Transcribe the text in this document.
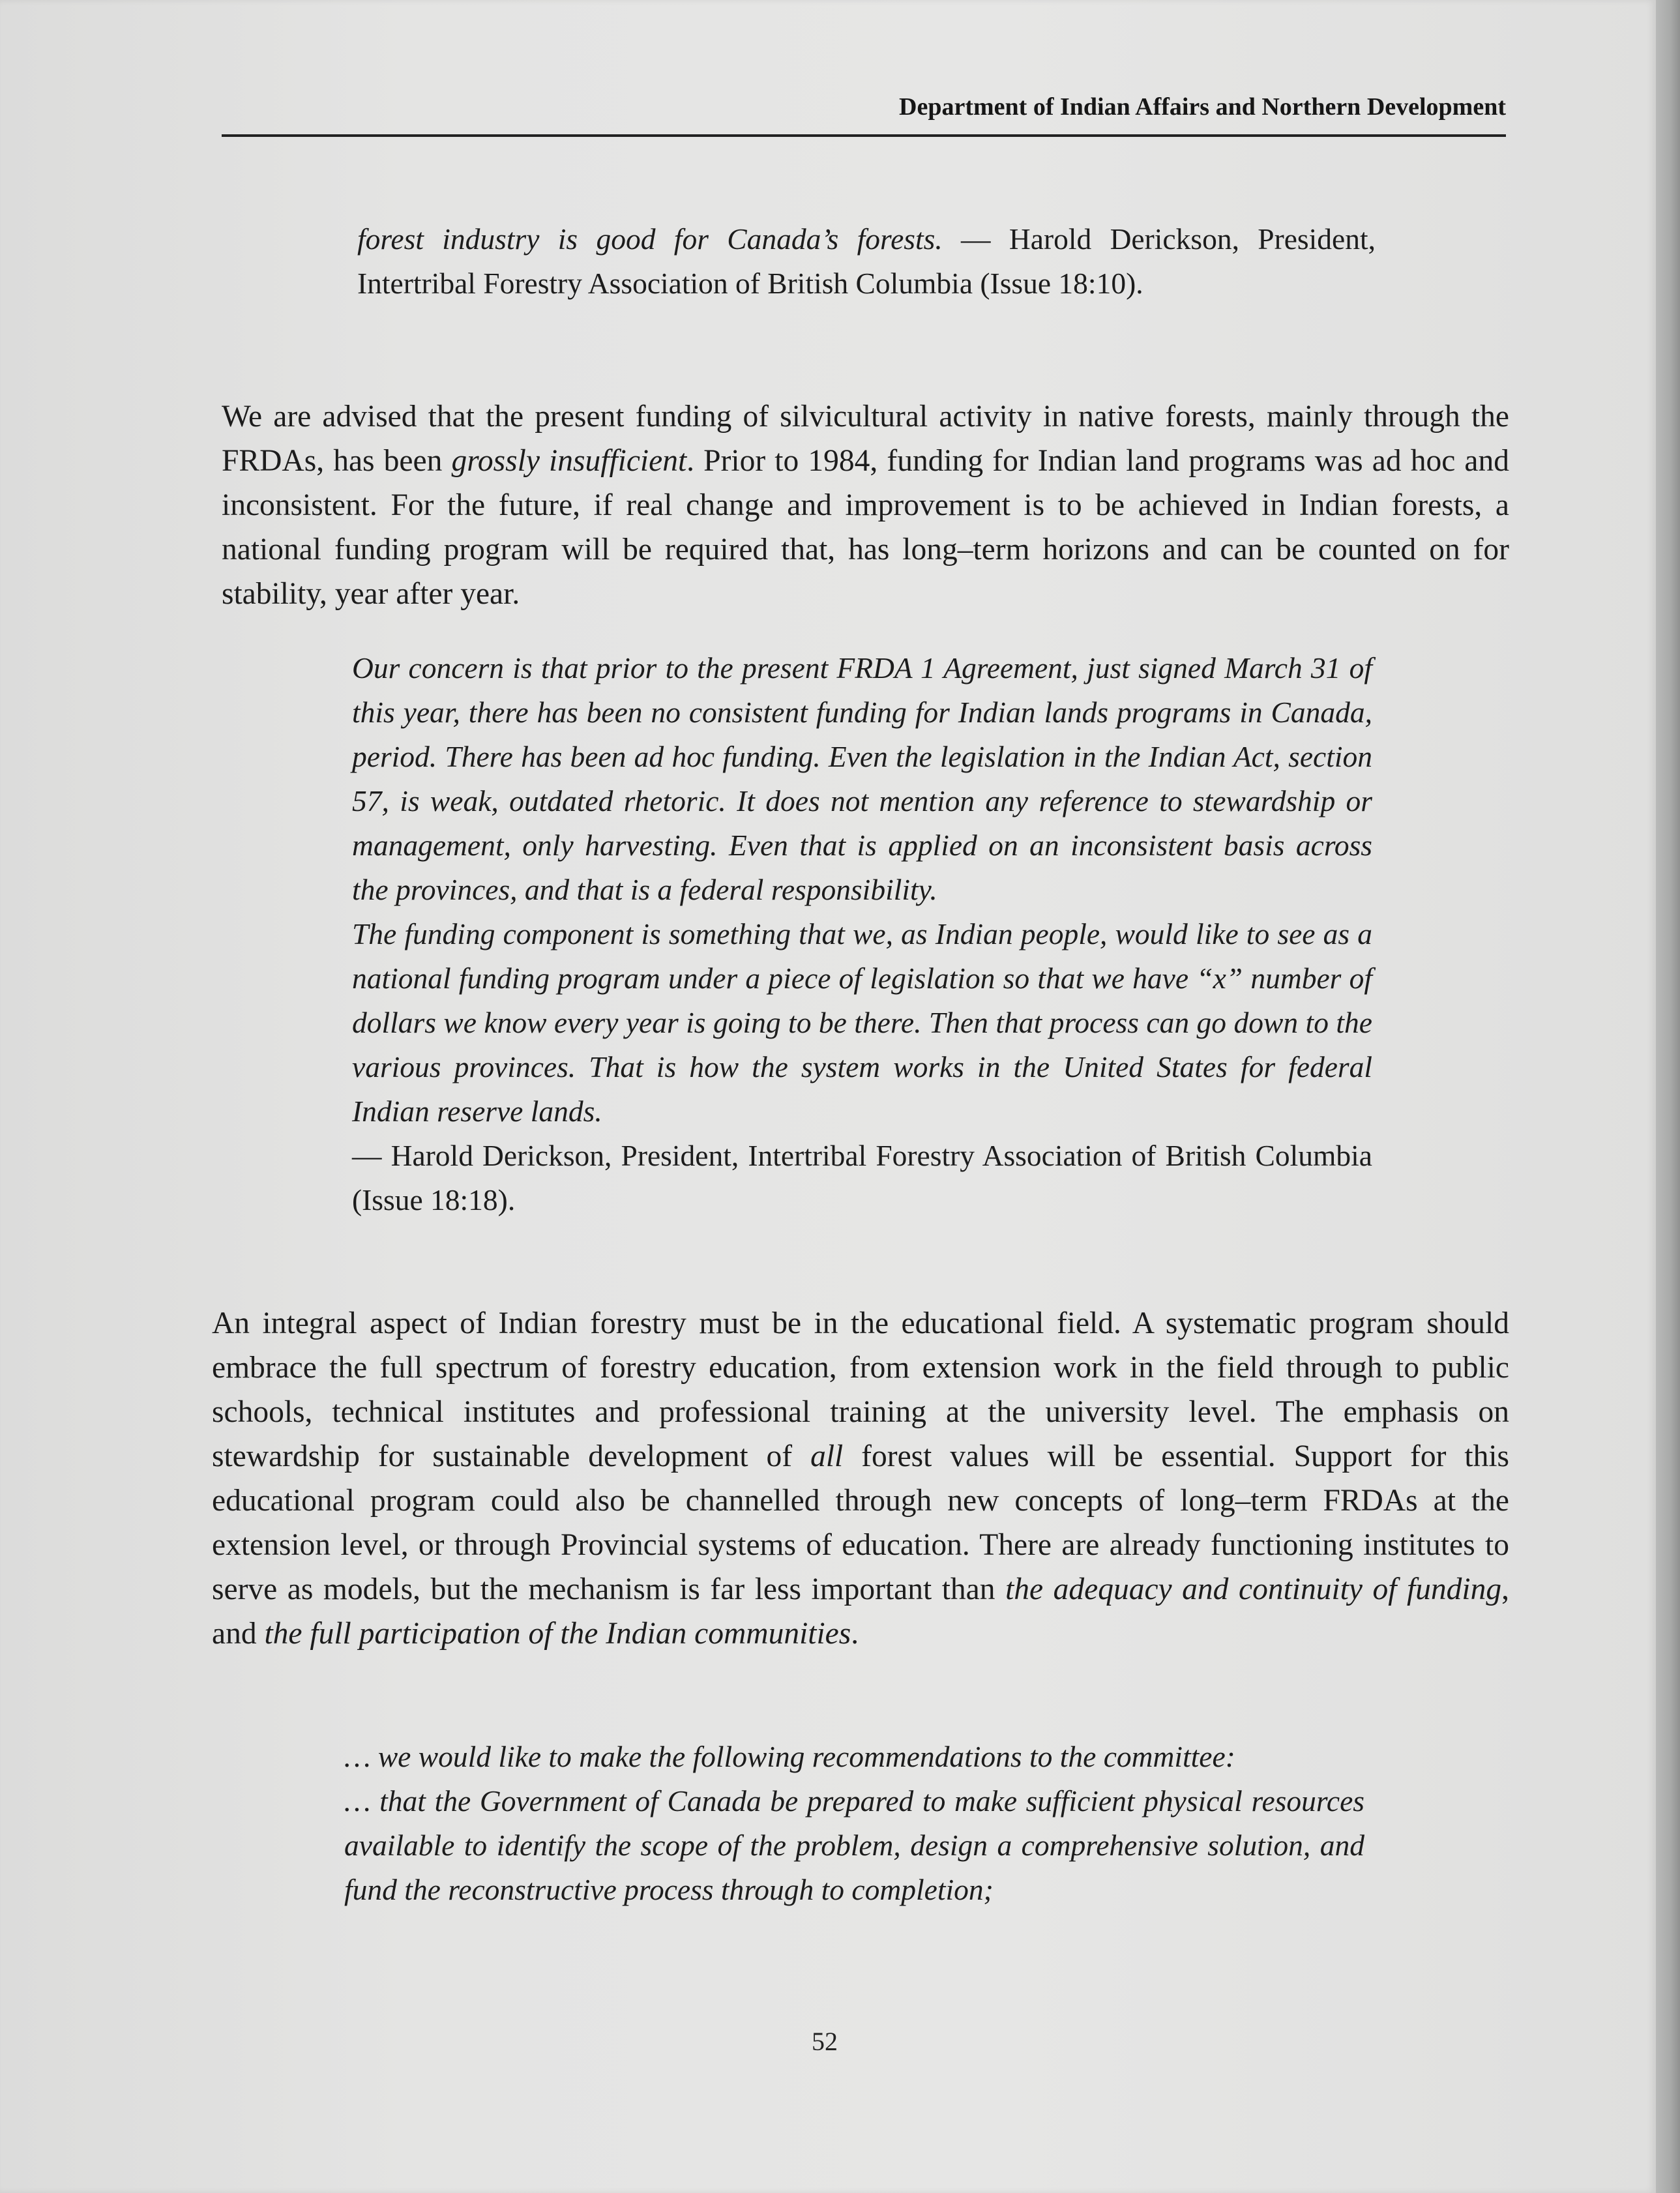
Department of Indian Affairs and Northern Development

forest industry is good for Canada’s forests. — Harold Derickson, President, Intertribal Forestry Association of British Columbia (Issue 18:10).

We are advised that the present funding of silvicultural activity in native forests, mainly through the FRDAs, has been grossly insufficient. Prior to 1984, funding for Indian land programs was ad hoc and inconsistent. For the future, if real change and improvement is to be achieved in Indian forests, a national funding program will be required that, has long–term horizons and can be counted on for stability, year after year.

Our concern is that prior to the present FRDA 1 Agreement, just signed March 31 of this year, there has been no consistent funding for Indian lands programs in Canada, period. There has been ad hoc funding. Even the legislation in the Indian Act, section 57, is weak, outdated rhetoric. It does not mention any reference to stewardship or management, only harvesting. Even that is applied on an inconsistent basis across the provinces, and that is a federal responsibility.

The funding component is something that we, as Indian people, would like to see as a national funding program under a piece of legislation so that we have “x” number of dollars we know every year is going to be there. Then that process can go down to the various provinces. That is how the system works in the United States for federal Indian reserve lands.

— Harold Derickson, President, Intertribal Forestry Association of British Columbia (Issue 18:18).

An integral aspect of Indian forestry must be in the educational field. A systematic program should embrace the full spectrum of forestry education, from extension work in the field through to public schools, technical institutes and professional training at the university level. The emphasis on stewardship for sustainable development of all forest values will be essential. Support for this educational program could also be channelled through new concepts of long–term FRDAs at the extension level, or through Provincial systems of education. There are already functioning institutes to serve as models, but the mechanism is far less important than the adequacy and continuity of funding, and the full participation of the Indian communities.

… we would like to make the following recommendations to the committee:

… that the Government of Canada be prepared to make sufficient physical resources available to identify the scope of the problem, design a comprehensive solution, and fund the reconstructive process through to completion;

52
